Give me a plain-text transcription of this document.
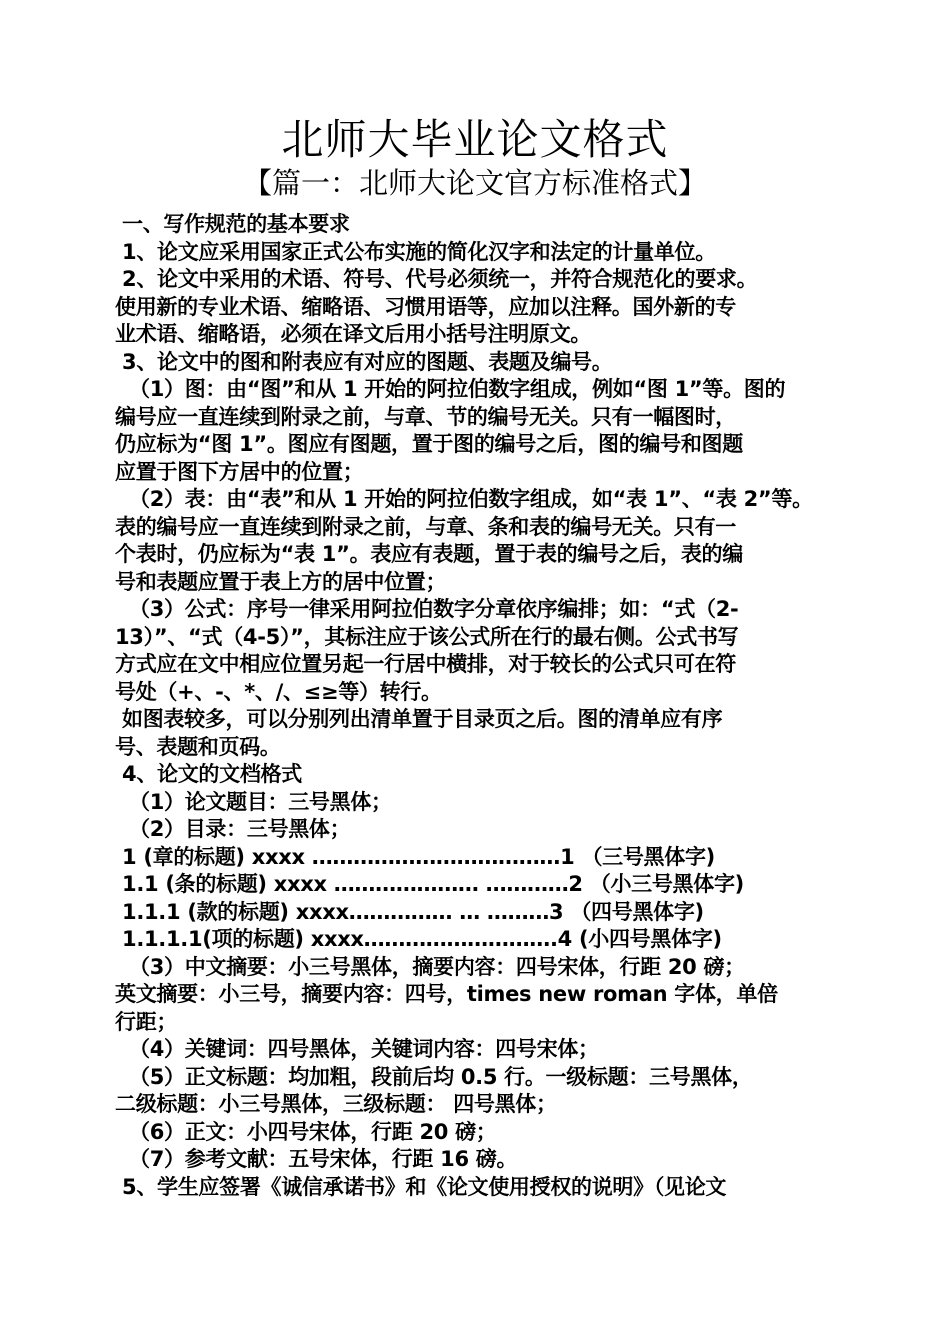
北师大毕业论文格式
【篇一：北师大论文官方标准格式】
一、写作规范的基本要求
1、论文应采用国家正式公布实施的简化汉字和法定的计量单位。
2、论文中采用的术语、符号、代号必须统一，并符合规范化的要求。
使用新的专业术语、缩略语、习惯用语等，应加以注释。国外新的专
业术语、缩略语，必须在译文后用小括号注明原文。
3、论文中的图和附表应有对应的图题、表题及编号。
（1）图：由“图”和从 1 开始的阿拉伯数字组成，例如“图 1”等。图的
编号应一直连续到附录之前，与章、节的编号无关。只有一幅图时，
仍应标为“图 1”。图应有图题，置于图的编号之后，图的编号和图题
应置于图下方居中的位置；
（2）表：由“表”和从 1 开始的阿拉伯数字组成，如“表 1”、“表 2”等。
表的编号应一直连续到附录之前，与章、条和表的编号无关。只有一
个表时，仍应标为“表 1”。表应有表题，置于表的编号之后，表的编
号和表题应置于表上方的居中位置；
（3）公式：序号一律采用阿拉伯数字分章依序编排；如：“式（2-
13）”、“式（4-5）”，其标注应于该公式所在行的最右侧。公式书写
方式应在文中相应位置另起一行居中横排，对于较长的公式只可在符
号处（+、-、*、/、≤≥等）转行。
如图表较多，可以分别列出清单置于目录页之后。图的清单应有序
号、表题和页码。
4、论文的文档格式
（1）论文题目：三号黑体；
（2）目录：三号黑体；
1 (章的标题) xxxx ………………………………1 （三号黑体字)
1.1 (条的标题) xxxx ………………… …………2 （小三号黑体字)
1.1.1 (款的标题) xxxx…………… … ………3 （四号黑体字)
1.1.1.1(项的标题) xxxx……………………….4 (小四号黑体字)
（3）中文摘要：小三号黑体，摘要内容：四号宋体，行距 20 磅；
英文摘要：小三号，摘要内容：四号，times new roman 字体，单倍
行距；
（4）关键词：四号黑体，关键词内容：四号宋体；
（5）正文标题：均加粗，段前后均 0.5 行。一级标题：三号黑体，
二级标题：小三号黑体，三级标题： 四号黑体；
（6）正文：小四号宋体，行距 20 磅；
（7）参考文献：五号宋体，行距 16 磅。
5、学生应签署《诚信承诺书》和《论文使用授权的说明》（见论文
